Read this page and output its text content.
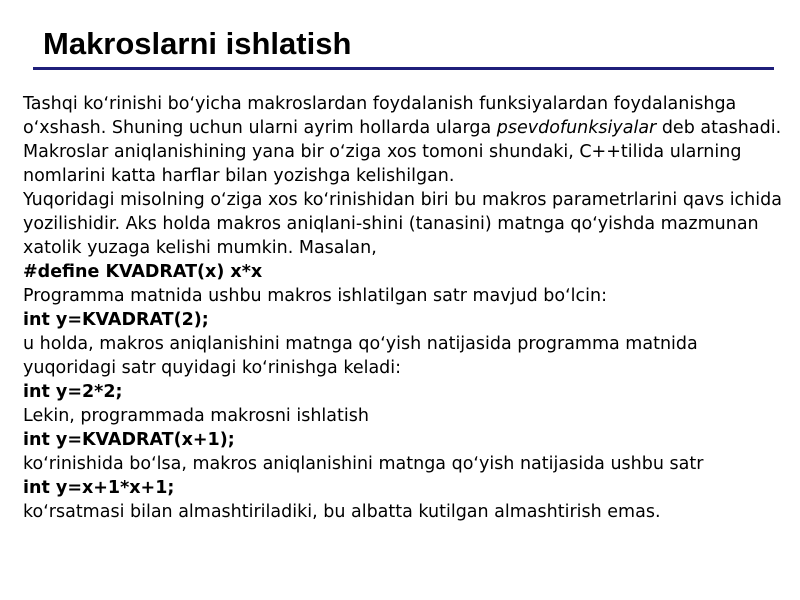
Makroslarni ishlatish

Tashqi koʻrinishi boʻyicha makroslardan foydalanish funksiyalardan foydalanishga oʻxshash. Shuning uchun ularni ayrim hollarda ularga psevdofunksiyalar deb atashadi. Makroslar aniqlanishining yana bir oʻziga xos tomoni shundaki, C++tilida ularning nomlarini katta harflar bilan yozishga kelishilgan.

Yuqoridagi misolning oʻziga xos koʻrinishidan biri bu makros parametrlarini qavs ichida yozilishidir. Aks holda makros aniqlani-shini (tanasini) matnga qoʻyishda mazmunan xatolik yuzaga kelishi mumkin. Masalan,

#define KVADRAT(x) x*x

Programma matnida ushbu makros ishlatilgan satr mavjud boʻlcin:

int y=KVADRAT(2);

u holda, makros aniqlanishini matnga qoʻyish natijasida programma matnida yuqoridagi satr quyidagi koʻrinishga keladi:

int y=2*2;

Lekin, programmada makrosni ishlatish

int y=KVADRAT(x+1);

koʻrinishida boʻlsa, makros aniqlanishini matnga qoʻyish natijasida ushbu satr

int y=x+1*x+1;

koʻrsatmasi bilan almashtiriladiki, bu albatta kutilgan almashtirish emas.
